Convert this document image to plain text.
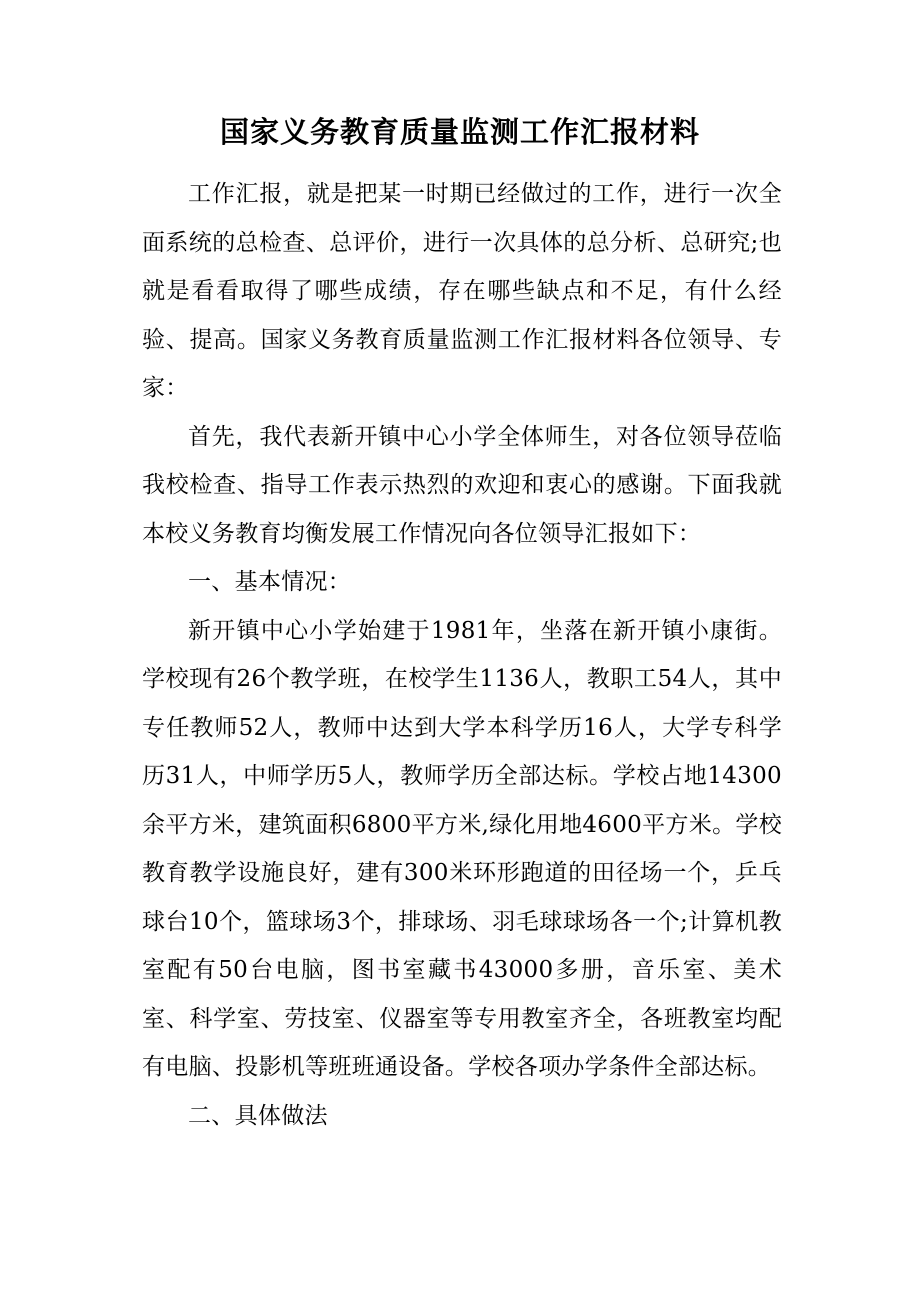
国家义务教育质量监测工作汇报材料

工作汇报，就是把某一时期已经做过的工作，进行一次全面系统的总检查、总评价，进行一次具体的总分析、总研究;也就是看看取得了哪些成绩，存在哪些缺点和不足，有什么经验、提高。国家义务教育质量监测工作汇报材料各位领导、专家：

首先，我代表新开镇中心小学全体师生，对各位领导莅临我校检查、指导工作表示热烈的欢迎和衷心的感谢。下面我就本校义务教育均衡发展工作情况向各位领导汇报如下：

一、基本情况：

新开镇中心小学始建于1981年，坐落在新开镇小康街。学校现有26个教学班，在校学生1136人，教职工54人，其中专任教师52人，教师中达到大学本科学历16人，大学专科学历31人，中师学历5人，教师学历全部达标。学校占地14300余平方米，建筑面积6800平方米,绿化用地4600平方米。学校教育教学设施良好，建有300米环形跑道的田径场一个，乒乓球台10个，篮球场3个，排球场、羽毛球球场各一个;计算机教室配有50台电脑，图书室藏书43000多册，音乐室、美术室、科学室、劳技室、仪器室等专用教室齐全，各班教室均配有电脑、投影机等班班通设备。学校各项办学条件全部达标。

二、具体做法
